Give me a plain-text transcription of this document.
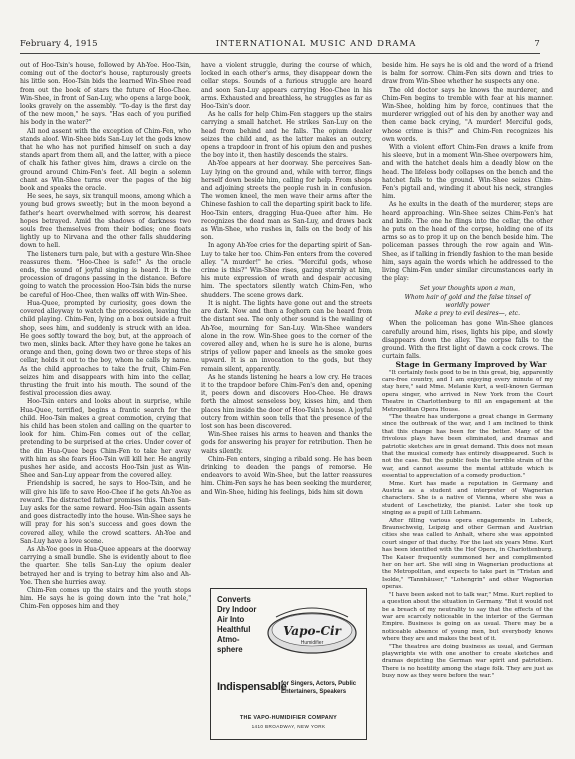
February 4, 1915	INTERNATIONAL MUSIC AND DRAMA	7

out of Hoo-Tsin's house, followed by Ah-Yoe. Hoo-Tsin, coming out of the doctor's house, rapturously greets his little son. Hoo-Tsin bids the learned Win-Shee read from out the book of stars the future of Hoo-Chee. Win-Shee, in front of San-Luy, who opens a large book, looks gravely on the assembly. "To-day is the first day of the new moon," he says. "Has each of you purified his body in the water?"

All nod assent with the exception of Chim-Fen, who stands aloof. Win-Shee bids San-Luy let the gods know that he who has not purified himself on such a day stands apart from them all, and the latter, with a piece of chalk his father gives him, draws a circle on the ground around Chim-Fen's feet. All begin a solemn chant as Win-Shee turns over the pages of the big book and speaks the oracle.

He sees, he says, six tranquil moons, among which a young bud grows sweetly; but in the moon beyond a father's heart overwhelmed with sorrow, his dearest hopes betrayed. Amid the shadows of darkness two souls free themselves from their bodies; one floats lightly up to Nirvana and the other falls shuddering down to hell.

The listeners turn pale, but with a gesture Win-Shee reassures them. "Hoo-Chee is safe!" As the oracle ends, the sound of joyful singing is heard. It is the procession of dragons passing in the distance. Before going to watch the procession Hoo-Tsin bids the nurse be careful of Hoo-Chee, then walks off with Win-Shee.

Hua-Quee, prompted by curiosity, goes down the covered alleyway to watch the procession, leaving the child playing. Chim-Fen, lying on a box outside a fruit shop, sees him, and suddenly is struck with an idea. He goes softly toward the boy, but, at the approach of two men, slinks back. After they have gone he takes an orange and then, going down two or three steps of his cellar, holds it out to the boy, whom he calls by name. As the child approaches to take the fruit, Chim-Fen seizes him and disappears with him into the cellar, thrusting the fruit into his mouth. The sound of the festival procession dies away.

Hoo-Tsin enters and looks about in surprise, while Hua-Quee, terrified, begins a frantic search for the child. Hoo-Tsin makes a great commotion, crying that his child has been stolen and calling on the quarter to look for him. Chim-Fen comes out of the cellar, pretending to be surprised at the cries. Under cover of the din Hua-Quee begs Chim-Fen to take her away with him as she fears Hoo-Tsin will kill her. He angrily pushes her aside, and accosts Hoo-Tsin just as Win-Shee and San-Luy appear from the covered alley.

Friendship is sacred, he says to Hoo-Tsin, and he will give his life to save Hoo-Chee if he gets Ah-Yoe as reward. The distracted father promises this. Then San-Luy asks for the same reward. Hoo-Tsin again assents and goes distractedly into the house. Win-Shee says he will pray for his son's success and goes down the covered alley, while the crowd scatters. Ah-Yoe and San-Luy have a love scene.

As Ah-Yoe goes in Hua-Quee appears at the doorway carrying a small bundle. She is evidently about to flee the quarter. She tells San-Luy the opium dealer betrayed her and is trying to betray him also and Ah-Yoe. Then she hurries away.

Chim-Fen comes up the stairs and the youth stops him. He says he is going down into the "rat hole," Chim-Fen opposes him and they

have a violent struggle, during the course of which, locked in each other's arms, they disappear down the cellar steps. Sounds of a furious struggle are heard and soon San-Luy appears carrying Hoo-Chee in his arms. Exhausted and breathless, he struggles as far as Hoo-Tsin's door.

As he calls for help Chim-Fen staggers up the stairs carrying a small hatchet. He strikes San-Luy on the head from behind and he falls. The opium dealer seizes the child and, as the latter makes an outcry, opens a trapdoor in front of his opium den and pushes the boy into it, then hastily descends the stairs.

Ah-Yoe appears at her doorway. She perceives San-Luy lying on the ground and, while with terror, flings herself down beside him, calling for help. From shops and adjoining streets the people rush in in confusion. The women kneel, the men wave their arms after the Chinese fashion to call the departing spirit back to life. Hoo-Tsin enters, dragging Hua-Quee after him. He recognizes the dead man as San-Luy, and draws back as Win-Shee, who rushes in, falls on the body of his son.

In agony Ah-Yoe cries for the departing spirit of San-Luy to take her too. Chim-Fen enters from the covered alley. "A murder!" he cries. "Merciful gods, whose crime is this?" Win-Shee rises, gazing sternly at him, his mute expression of wrath and despair accusing him. The spectators silently watch Chim-Fen, who shudders. The scene grows dark.

It is night. The lights have gone out and the streets are dark. Now and then a foghorn can be heard from the distant sea. The only other sound is the wailing of Ah-Yoe, mourning for San-Luy. Win-Shee wanders alone in the row. Win-Shee goes to the corner of the covered alley and, when he is sure he is alone, burns strips of yellow paper and kneels as the smoke goes upward. It is an invocation to the gods, but they remain silent, apparently.

As he stands listening he hears a low cry. He traces it to the trapdoor before Chim-Fen's den and, opening it, peers down and discovers Hoo-Chee. He draws forth the almost senseless boy, kisses him, and then places him inside the door of Hoo-Tsin's house. A joyful outcry from within soon tells that the presence of the lost son has been discovered.

Win-Shee raises his arms to heaven and thanks the gods for answering his prayer for retribution. Then he waits silently.

Chim-Fen enters, singing a ribald song. He has been drinking to deaden the pangs of remorse. He endeavors to avoid Win-Shee, but the latter reassures him. Chim-Fen says he has been seeking the murderer, and Win-Shee, hiding his feelings, bids him sit down

Converts
Dry Indoor
Air Into
Healthful
Atmo-
sphere
Vapo-Cir
Humidifier
Indispensable
for Singers, Actors, Public Entertainers, Speakers
THE VAPO-HUMIDIFIER COMPANY
1410 BROADWAY, NEW YORK

beside him. He says he is old and the word of a friend is balm for sorrow. Chim-Fen sits down and tries to draw from Win-Shee whether he suspects any one.

The old doctor says he knows the murderer, and Chim-Fen begins to tremble with fear at his manner. Win-Shee, holding him by force, continues that the murderer wriggled out of his den by another way and then came back crying, "A murder! Merciful gods, whose crime is this?" and Chim-Fen recognizes his own words.

With a violent effort Chim-Fen draws a knife from his sleeve, but in a moment Win-Shee overpowers him, and with the hatchet deals him a deadly blow on the head. The lifeless body collapses on the bench and the hatchet falls to the ground. Win-Shee seizes Chim-Fen's pigtail and, winding it about his neck, strangles him.

As he exults in the death of the murderer, steps are heard approaching. Win-Shee seizes Chim-Fen's hat and knife. The one he flings into the cellar, the other he puts on the head of the corpse, holding one of its arms so as to prop it up on the bench beside him. The policeman passes through the row again and Win-Shee, as if talking in friendly fashion to the man beside him, says again the words which he addressed to the living Chim-Fen under similar circumstances early in the play:

Set your thoughts upon a man,
Whom hair of gold and the false tinsel of
worldly power
Make a prey to evil desires—, etc.

When the policeman has gone Win-Shee glances carefully around him, rises, lights his pipe, and slowly disappears down the alley. The corpse falls to the ground. With the first light of dawn a cock crows. The curtain falls.

Stage in Germany Improved by War

"It certainly feels good to be in this great, big, apparently care-free country, and I am enjoying every minute of my stay here," said Mme. Melanie Kurt, a well-known German opera singer, who arrived in New York from the Court Theatre in Charlottenburg to fill an engagement at the Metropolitan Opera House.

"The theatre has undergone a great change in Germany since the outbreak of the war, and I am inclined to think that this change has been for the better. Many of the frivolous plays have been eliminated, and dramas and patriotic sketches are in great demand. This does not mean that the musical comedy has entirely disappeared. Such is not the case. But the public feels the terrible strain of the war, and cannot assume the mental attitude which is essential to appreciation of a comedy production."

Mme. Kurt has made a reputation in Germany and Austria as a student and interpreter of Wagnerian characters. She is a native of Vienna, where she was a student of Leschetizky, the pianist. Later she took up singing as a pupil of Lilli Lehmann.

After filling various opera engagements in Lubeck, Braunschweig, Leipzig and other German and Austrian cities she was called to Anhalt, where she was appointed court singer of that duchy. For the last six years Mme. Kurt has been identified with the Hof Opera, in Charlottenburg. The Kaiser frequently summoned her and complimented her on her art. She will sing in Wagnerian productions at the Metropolitan, and expects to take part in "Tristan and Isolde," "Tannhäuser," "Lohengrin" and other Wagnerian operas.

"I have been asked not to talk war," Mme. Kurt replied to a question about the situation in Germany. "But it would not be a breach of my neutrality to say that the effects of the war are scarcely noticeable in the interior of the German Empire. Business is going on as usual. There may be a noticeable absence of young men, but everybody knows where they are and makes the best of it.

"The theatres are doing business as usual, and German playwrights vie with one another to create sketches and dramas depicting the German war spirit and patriotism. There is no hostility among the stage folk. They are just as busy now as they were before the war."
